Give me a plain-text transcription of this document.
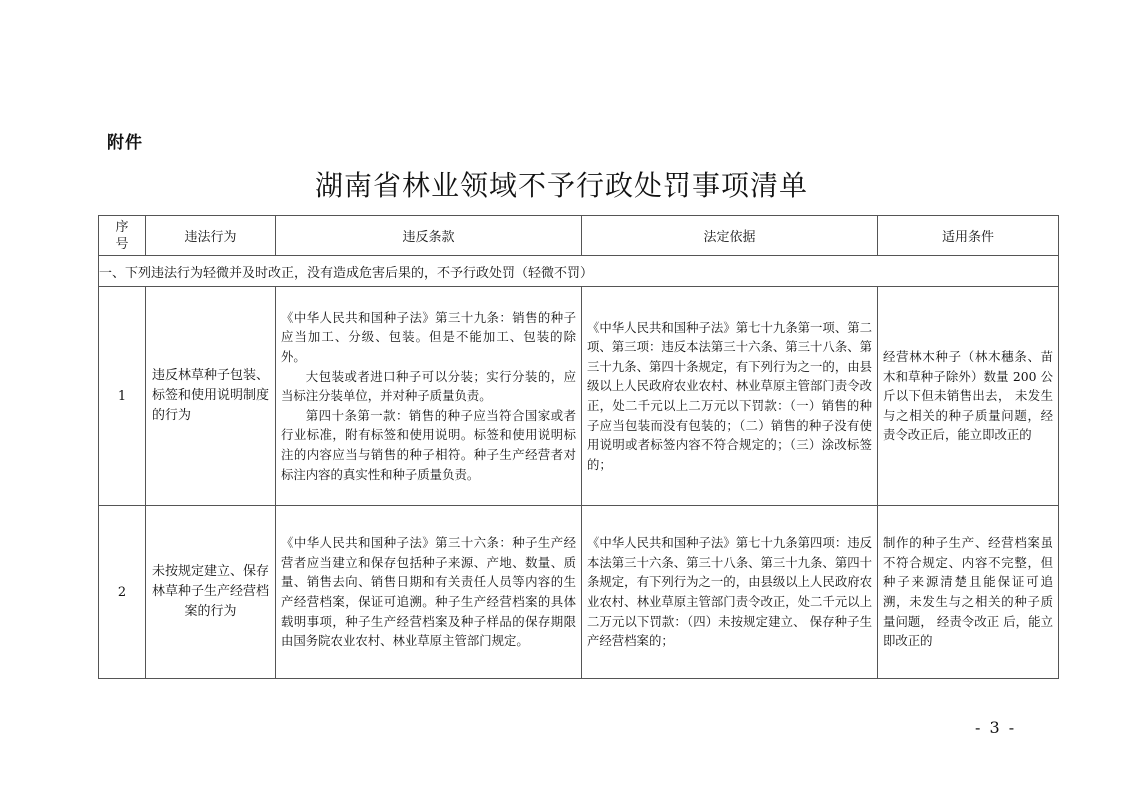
附件
湖南省林业领域不予行政处罚事项清单
序号	违法行为	违反条款	法定依据	适用条件
一、下列违法行为轻微并及时改正，没有造成危害后果的，不予行政处罚（轻微不罚）				
1	违反林草种子包装、标签和使用说明制度的行为	《中华人民共和国种子法》第三十九条：销售的种子应当加工、分级、包装。但是不能加工、包装的除外。

大包装或者进口种子可以分装；实行分装的，应当标注分装单位，并对种子质量负责。

第四十条第一款：销售的种子应当符合国家或者行业标准，附有标签和使用说明。标签和使用说明标注的内容应当与销售的种子相符。种子生产经营者对标注内容的真实性和种子质量负责。	《中华人民共和国种子法》第七十九条第一项、第二项、第三项：违反本法第三十六条、第三十八条、第三十九条、第四十条规定，有下列行为之一的，由县级以上人民政府农业农村、林业草原主管部门责令改正，处二千元以上二万元以下罚款：（一）销售的种子应当包装而没有包装的；（二）销售的种子没有使用说明或者标签内容不符合规定的；（三）涂改标签的；	经营林木种子（林木穗条、苗木和草种子除外）数量 200 公斤以下但未销售出去， 未发生与之相关的种子质量问题，经责令改正后，能立即改正的
2	未按规定建立、保存林草种子生产经营档案的行为	《中华人民共和国种子法》第三十六条：种子生产经营者应当建立和保存包括种子来源、产地、数量、质量、销售去向、销售日期和有关责任人员等内容的生产经营档案，保证可追溯。种子生产经营档案的具体载明事项，种子生产经营档案及种子样品的保存期限由国务院农业农村、林业草原主管部门规定。	《中华人民共和国种子法》第七十九条第四项：违反本法第三十六条、第三十八条、第三十九条、第四十条规定，有下列行为之一的，由县级以上人民政府农业农村、林业草原主管部门责令改正，处二千元以上二万元以下罚款：（四）未按规定建立、 保存种子生产经营档案的；	制作的种子生产、经营档案虽不符合规定、内容不完整，但种子来源清楚且能保证可追溯，未发生与之相关的种子质量问题， 经责令改正 后，能立即改正的
- 3 -
